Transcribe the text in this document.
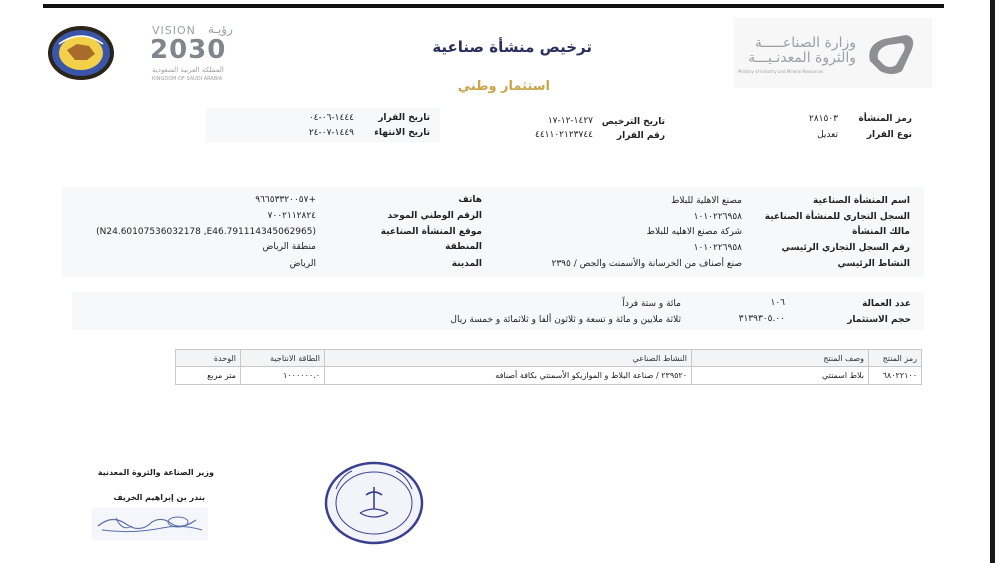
VISION رؤيـة
2030
المملكة العربية السعودية
KINGDOM OF SAUDI ARABIA
ترخيص منشأة صناعية
استثمار وطني
وزارة الصناعـــــة
والثروة المعدنـيـــة
Ministry of Industry and Mineral Resources
رمز المنشأة
٢٨١٥٠٣
نوع القرار
تعديل
تاريخ الترخيص
١٤٢٧-١٢-١٧
رقم القرار
٤٤١١٠٢١٢٣٧٤٤
تاريخ القرار
١٤٤٤-٠٦-٠٤
تاريخ الانتهاء
١٤٤٩-٠٧-٢٤
اسم المنشأة الصناعية
مصنع الاهلية للبلاط
السجل التجاري للمنشأة الصناعية
١٠١٠٢٢٦٩٥٨
مالك المنشأة
شركة مصنع الاهليه للبلاط
رقم السجل التجاري الرئيسي
١٠١٠٢٢٦٩٥٨
النشاط الرئيسي
صنع أصناف من الخرسانة والأسمنت والجص / ٢٣٩٥
هاتف
+٩٦٦٥٣٣٢٠٠٥٧
الرقم الوطني الموحد
٧٠٠٢١١٢٨٢٤
موقع المنشأة الصناعية
(N24.60107536032178 ,E46.791114345062965)
المنطقة
منطقة الرياض
المدينة
الرياض
عدد العمالة
١٠٦
مائة و ستة فرداً
حجم الاستثمار
٣١٣٩٣٠٥.٠٠
ثلاثة ملايين و مائة و تسعة و ثلاثون ألفا و ثلاثمائة و خمسة ريال
رمز المنتج	وصف المنتج	النشاط الصناعي	الطاقة الانتاجية	الوحدة
٦٨٠٢٢١٠٠	بلاط اسمنتي	٢٣٩٥٢٠ / صناعة البلاط و الموازيكو الأسمنتي بكافة أصنافه	١٠٠٠٠٠٠.٠	متر مربع
وزير الصناعة والثروة المعدنية
بندر بن إبراهيم الخريف
